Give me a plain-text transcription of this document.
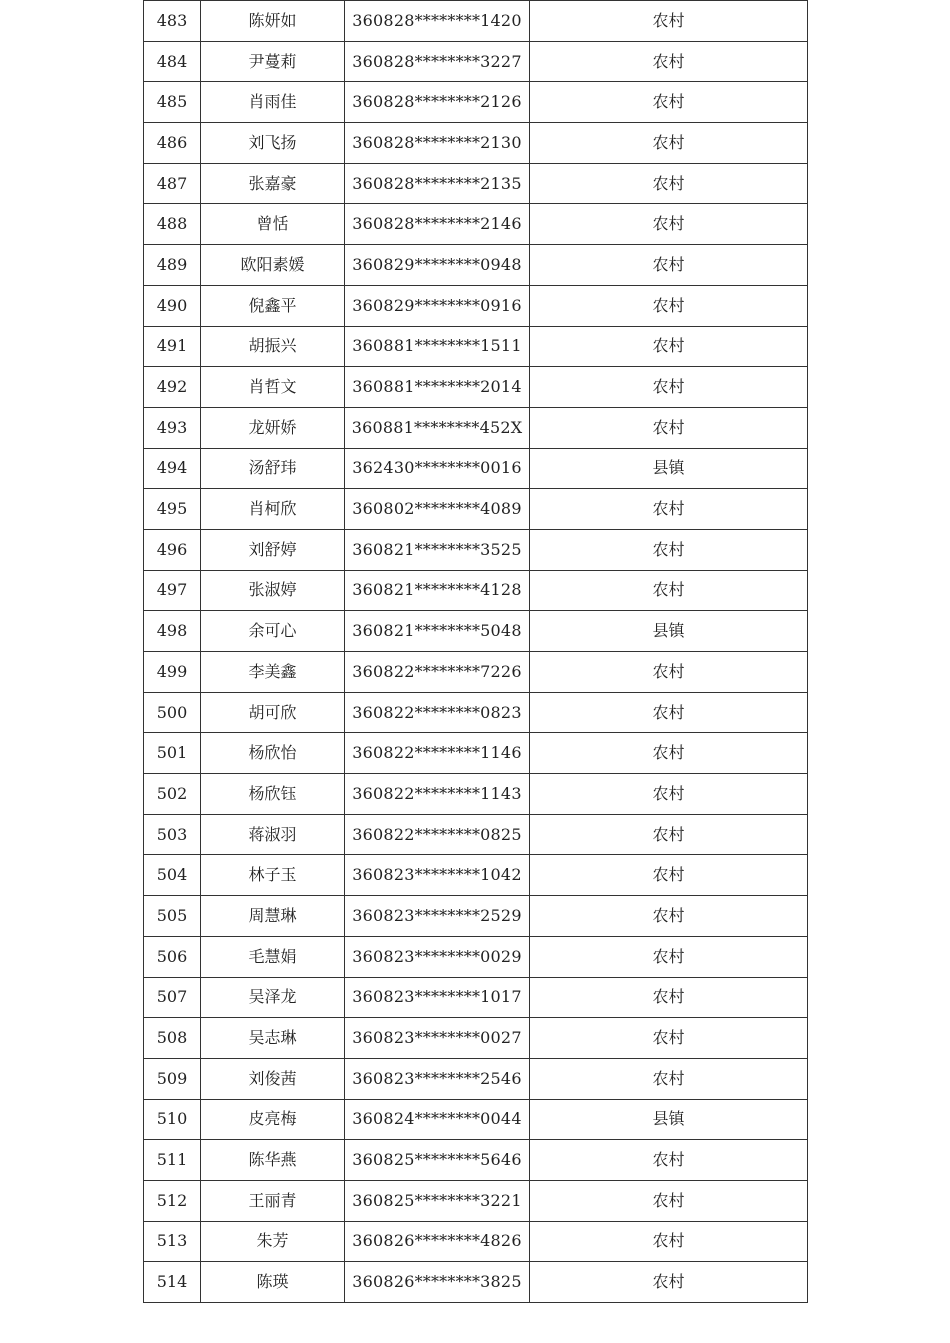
483	陈妍如	360828********1420	农村
484	尹蔓莉	360828********3227	农村
485	肖雨佳	360828********2126	农村
486	刘飞扬	360828********2130	农村
487	张嘉豪	360828********2135	农村
488	曾恬	360828********2146	农村
489	欧阳素媛	360829********0948	农村
490	倪鑫平	360829********0916	农村
491	胡振兴	360881********1511	农村
492	肖哲文	360881********2014	农村
493	龙妍娇	360881********452X	农村
494	汤舒玮	362430********0016	县镇
495	肖柯欣	360802********4089	农村
496	刘舒婷	360821********3525	农村
497	张淑婷	360821********4128	农村
498	余可心	360821********5048	县镇
499	李美鑫	360822********7226	农村
500	胡可欣	360822********0823	农村
501	杨欣怡	360822********1146	农村
502	杨欣钰	360822********1143	农村
503	蒋淑羽	360822********0825	农村
504	林子玉	360823********1042	农村
505	周慧琳	360823********2529	农村
506	毛慧娟	360823********0029	农村
507	吴泽龙	360823********1017	农村
508	吴志琳	360823********0027	农村
509	刘俊茜	360823********2546	农村
510	皮亮梅	360824********0044	县镇
511	陈华燕	360825********5646	农村
512	王丽青	360825********3221	农村
513	朱芳	360826********4826	农村
514	陈瑛	360826********3825	农村
